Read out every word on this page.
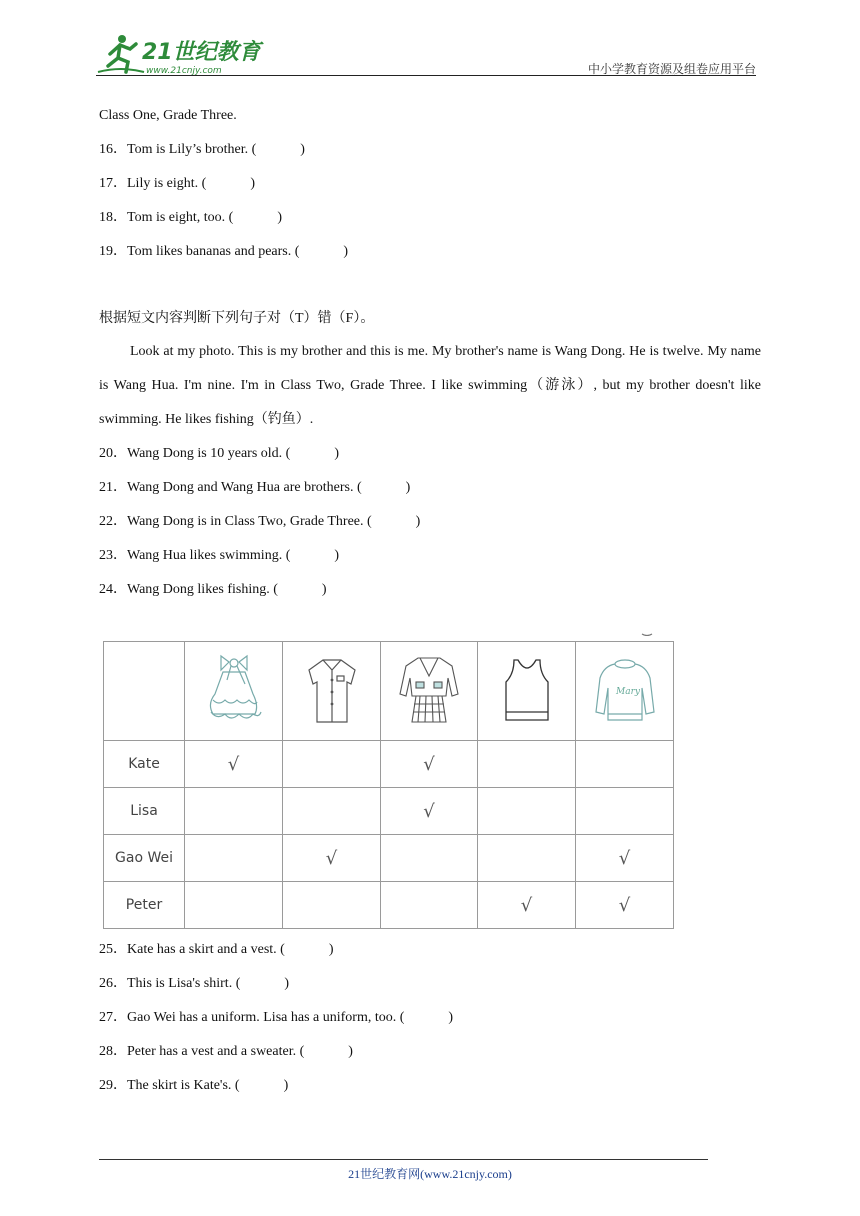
21世纪教育
www.21cnjy.com	中小学教育资源及组卷应用平台
Class One, Grade Three.
16．Tom is Lily’s brother. (	)
17．Lily is eight. (	)
18．Tom is eight, too. (	)
19．Tom likes bananas and pears. (	)
根据短文内容判断下列句子对（T）错（F）。
Look at my photo. This is my brother and this is me. My brother's name is Wang Dong. He is twelve. My name is Wang Hua. I'm nine. I'm in Class Two, Grade Three. I like swimming（游泳）, but my brother doesn't like swimming. He likes fishing（钓鱼）.
20．Wang Dong is 10 years old. (	)
21．Wang Dong and Wang Hua are brothers. (	)
22．Wang Dong is in Class Two, Grade Three. (	)
23．Wang Hua likes swimming. (	)
24．Wang Dong likes fishing. (	)

Mary

Kate	√		√		
Lisa			√		
Gao Wei		√			√
Peter				√	√
25．Kate has a skirt and a vest. (	)
26．This is Lisa's shirt. (	)
27．Gao Wei has a uniform. Lisa has a uniform, too. (	)
28．Peter has a vest and a sweater. (	)
29．The skirt is Kate's. (	)
21世纪教育网(www.21cnjy.com)
